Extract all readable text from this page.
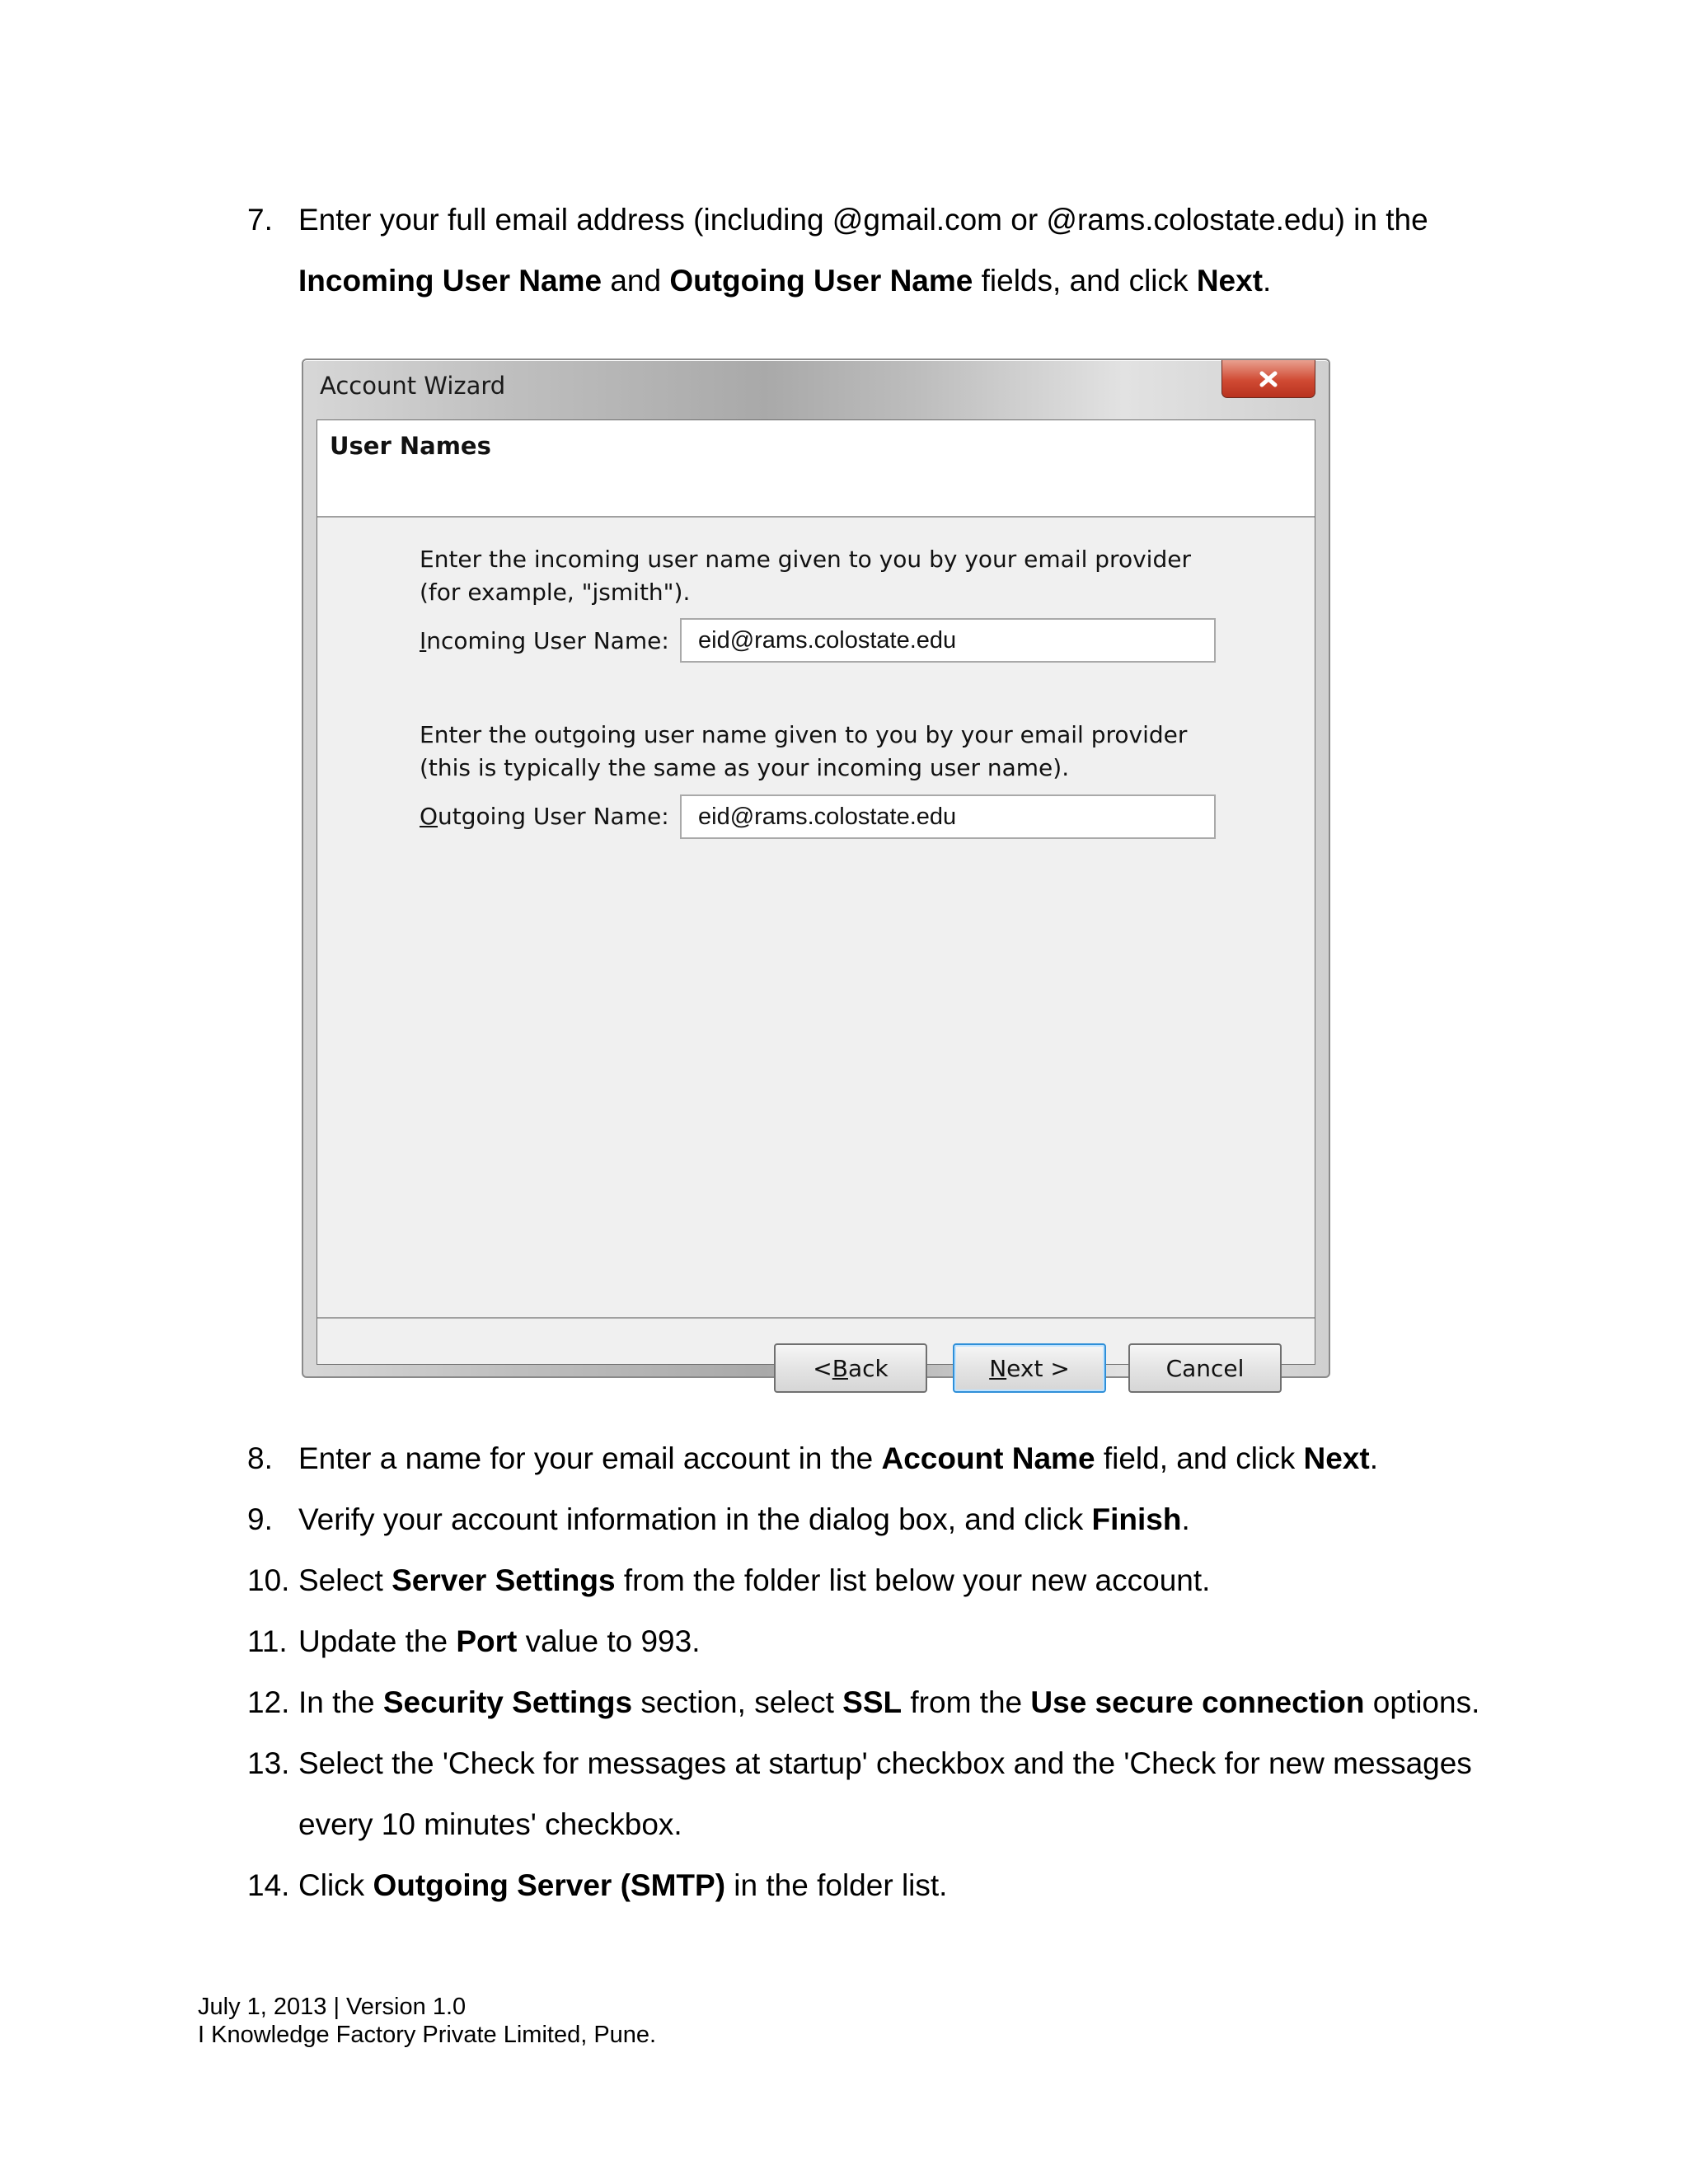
7. Enter your full email address (including @gmail.com or @rams.colostate.edu) in the Incoming User Name and Outgoing User Name fields, and click Next.
Account Wizard
User Names
Enter the incoming user name given to you by your email provider (for example, "jsmith").
Incoming User Name:	eid@rams.colostate.edu
Enter the outgoing user name given to you by your email provider (this is typically the same as your incoming user name).
Outgoing User Name:	eid@rams.colostate.edu
< B ack	N ext >	Cancel
8. Enter a name for your email account in the Account Name field, and click Next.
9. Verify your account information in the dialog box, and click Finish.
10. Select Server Settings from the folder list below your new account.
11. Update the Port value to 993.
12. In the Security Settings section, select SSL from the Use secure connection options.
13. Select the 'Check for messages at startup' checkbox and the 'Check for new messages every 10 minutes' checkbox.
14. Click Outgoing Server (SMTP) in the folder list.
July 1, 2013 | Version 1.0
I Knowledge Factory Private Limited, Pune.
